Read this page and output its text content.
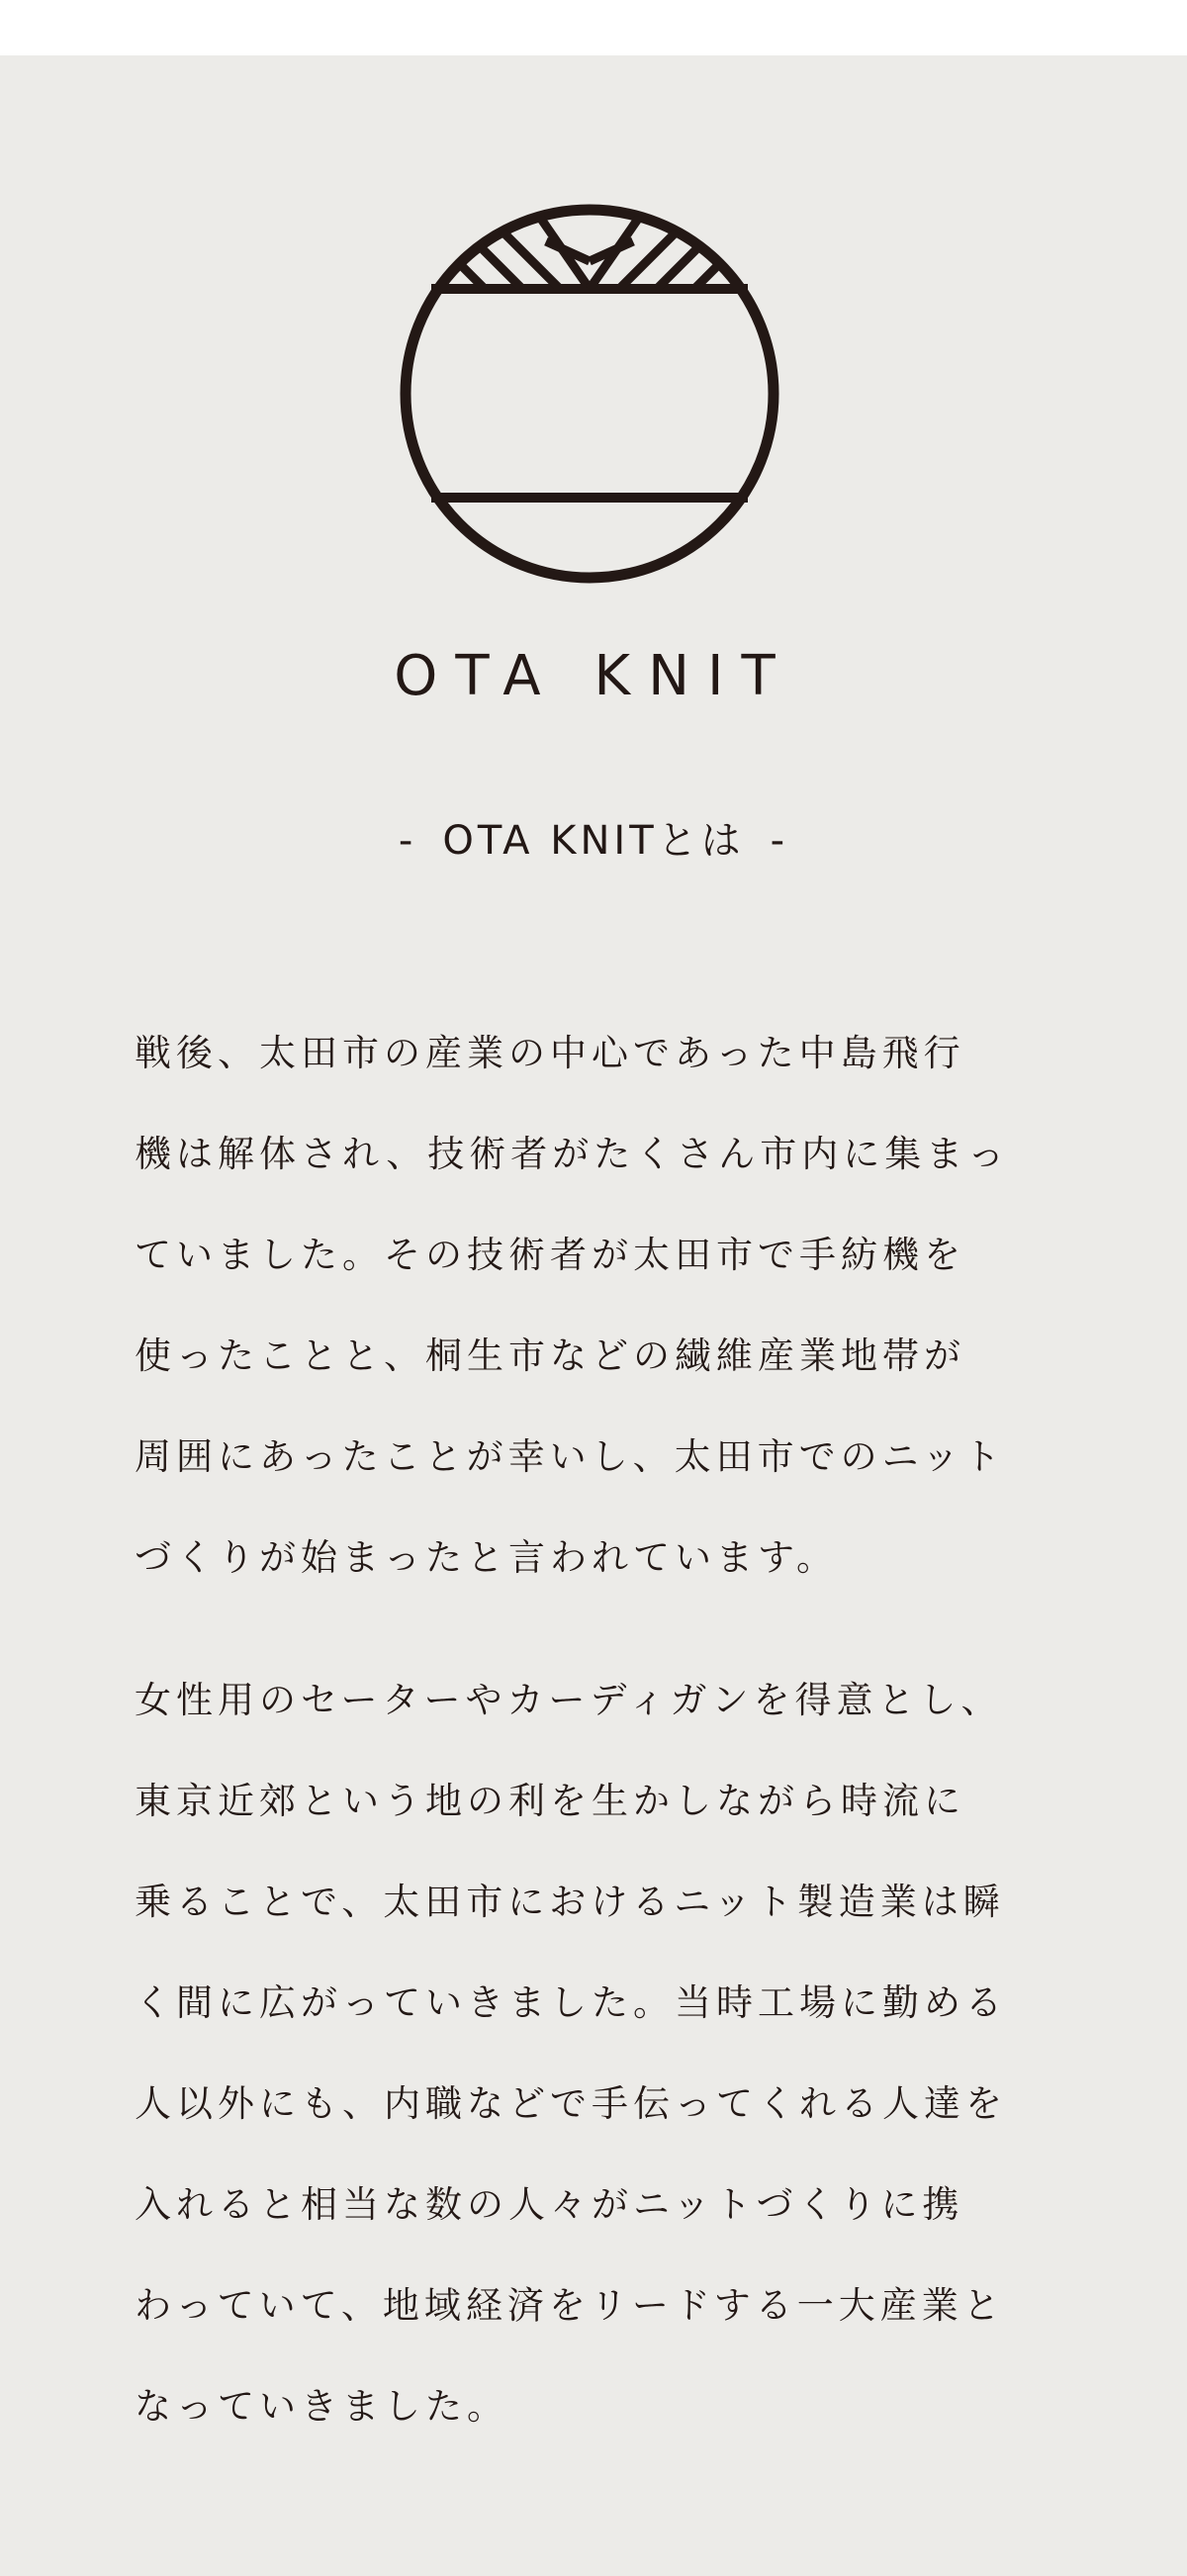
OTA KNIT
- OTA KNITとは -

戦後、太田市の産業の中心であった中島飛行
機は解体され、技術者がたくさん市内に集まっ
ていました。その技術者が太田市で手紡機を
使ったことと、桐生市などの繊維産業地帯が
周囲にあったことが幸いし、太田市でのニット
づくりが始まったと言われています。

女性用のセーターやカーディガンを得意とし、
東京近郊という地の利を生かしながら時流に
乗ることで、太田市におけるニット製造業は瞬
く間に広がっていきました。当時工場に勤める
人以外にも、内職などで手伝ってくれる人達を
入れると相当な数の人々がニットづくりに携
わっていて、地域経済をリードする一大産業と
なっていきました。
